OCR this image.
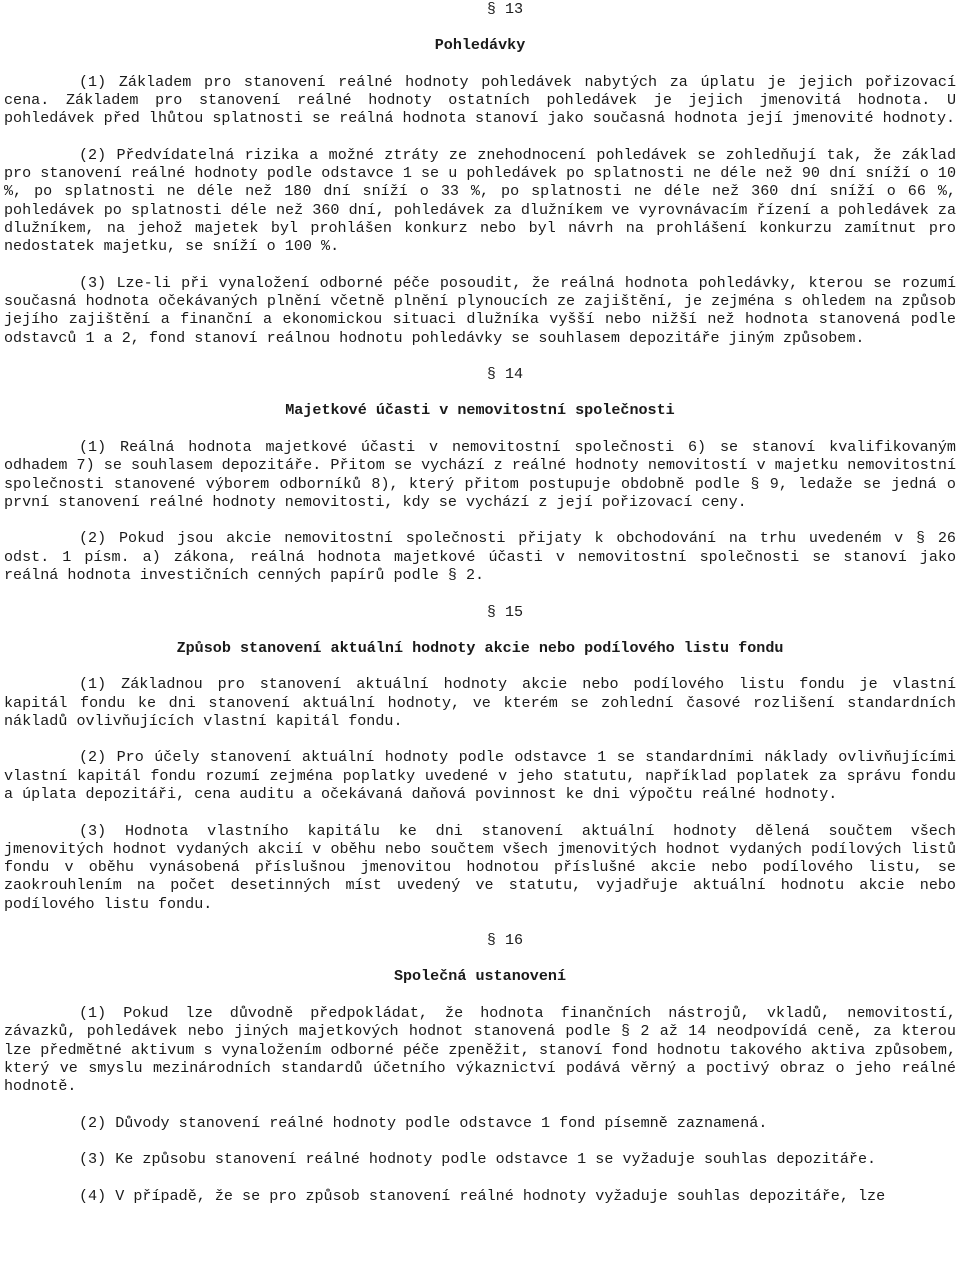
§ 13
Pohledávky

(1) Základem pro stanovení reálné hodnoty pohledávek nabytých za úplatu je jejich pořizovací cena. Základem pro stanovení reálné hodnoty ostatních pohledávek je jejich jmenovitá hodnota. U pohledávek před lhůtou splatnosti se reálná hodnota stanoví jako současná hodnota její jmenovité hodnoty.

(2) Předvídatelná rizika a možné ztráty ze znehodnocení pohledávek se zohledňují tak, že základ pro stanovení reálné hodnoty podle odstavce 1 se u pohledávek po splatnosti ne déle než 90 dní sníží o 10 %, po splatnosti ne déle než 180 dní sníží o 33 %, po splatnosti ne déle než 360 dní sníží o 66 %, pohledávek po splatnosti déle než 360 dní, pohledávek za dlužníkem ve vyrovnávacím řízení a pohledávek za dlužníkem, na jehož majetek byl prohlášen konkurz nebo byl návrh na prohlášení konkurzu zamítnut pro nedostatek majetku, se sníží o 100 %.

(3) Lze-li při vynaložení odborné péče posoudit, že reálná hodnota pohledávky, kterou se rozumí současná hodnota očekávaných plnění včetně plnění plynoucích ze zajištění, je zejména s ohledem na způsob jejího zajištění a finanční a ekonomickou situaci dlužníka vyšší nebo nižší než hodnota stanovená podle odstavců 1 a 2, fond stanoví reálnou hodnotu pohledávky se souhlasem depozitáře jiným způsobem.

§ 14
Majetkové účasti v nemovitostní společnosti

(1) Reálná hodnota majetkové účasti v nemovitostní společnosti 6) se stanoví kvalifikovaným odhadem 7) se souhlasem depozitáře. Přitom se vychází z reálné hodnoty nemovitostí v majetku nemovitostní společnosti stanovené výborem odborníků 8), který přitom postupuje obdobně podle § 9, ledaže se jedná o první stanovení reálné hodnoty nemovitosti, kdy se vychází z její pořizovací ceny.

(2) Pokud jsou akcie nemovitostní společnosti přijaty k obchodování na trhu uvedeném v § 26 odst. 1 písm. a) zákona, reálná hodnota majetkové účasti v nemovitostní společnosti se stanoví jako reálná hodnota investičních cenných papírů podle § 2.

§ 15
Způsob stanovení aktuální hodnoty akcie nebo podílového listu fondu

(1) Základnou pro stanovení aktuální hodnoty akcie nebo podílového listu fondu je vlastní kapitál fondu ke dni stanovení aktuální hodnoty, ve kterém se zohlední časové rozlišení standardních nákladů ovlivňujících vlastní kapitál fondu.

(2) Pro účely stanovení aktuální hodnoty podle odstavce 1 se standardními náklady ovlivňujícími vlastní kapitál fondu rozumí zejména poplatky uvedené v jeho statutu, například poplatek za správu fondu a úplata depozitáři, cena auditu a očekávaná daňová povinnost ke dni výpočtu reálné hodnoty.

(3) Hodnota vlastního kapitálu ke dni stanovení aktuální hodnoty dělená součtem všech jmenovitých hodnot vydaných akcií v oběhu nebo součtem všech jmenovitých hodnot vydaných podílových listů fondu v oběhu vynásobená příslušnou jmenovitou hodnotou příslušné akcie nebo podílového listu, se zaokrouhlením na počet desetinných míst uvedený ve statutu, vyjadřuje aktuální hodnotu akcie nebo podílového listu fondu.

§ 16
Společná ustanovení

(1) Pokud lze důvodně předpokládat, že hodnota finančních nástrojů, vkladů, nemovitostí, závazků, pohledávek nebo jiných majetkových hodnot stanovená podle § 2 až 14 neodpovídá ceně, za kterou lze předmětné aktivum s vynaložením odborné péče zpeněžit, stanoví fond hodnotu takového aktiva způsobem, který ve smyslu mezinárodních standardů účetního výkaznictví podává věrný a poctivý obraz o jeho reálné hodnotě.

(2) Důvody stanovení reálné hodnoty podle odstavce 1 fond písemně zaznamená.

(3) Ke způsobu stanovení reálné hodnoty podle odstavce 1 se vyžaduje souhlas depozitáře.

(4) V případě, že se pro způsob stanovení reálné hodnoty vyžaduje souhlas depozitáře, lze
